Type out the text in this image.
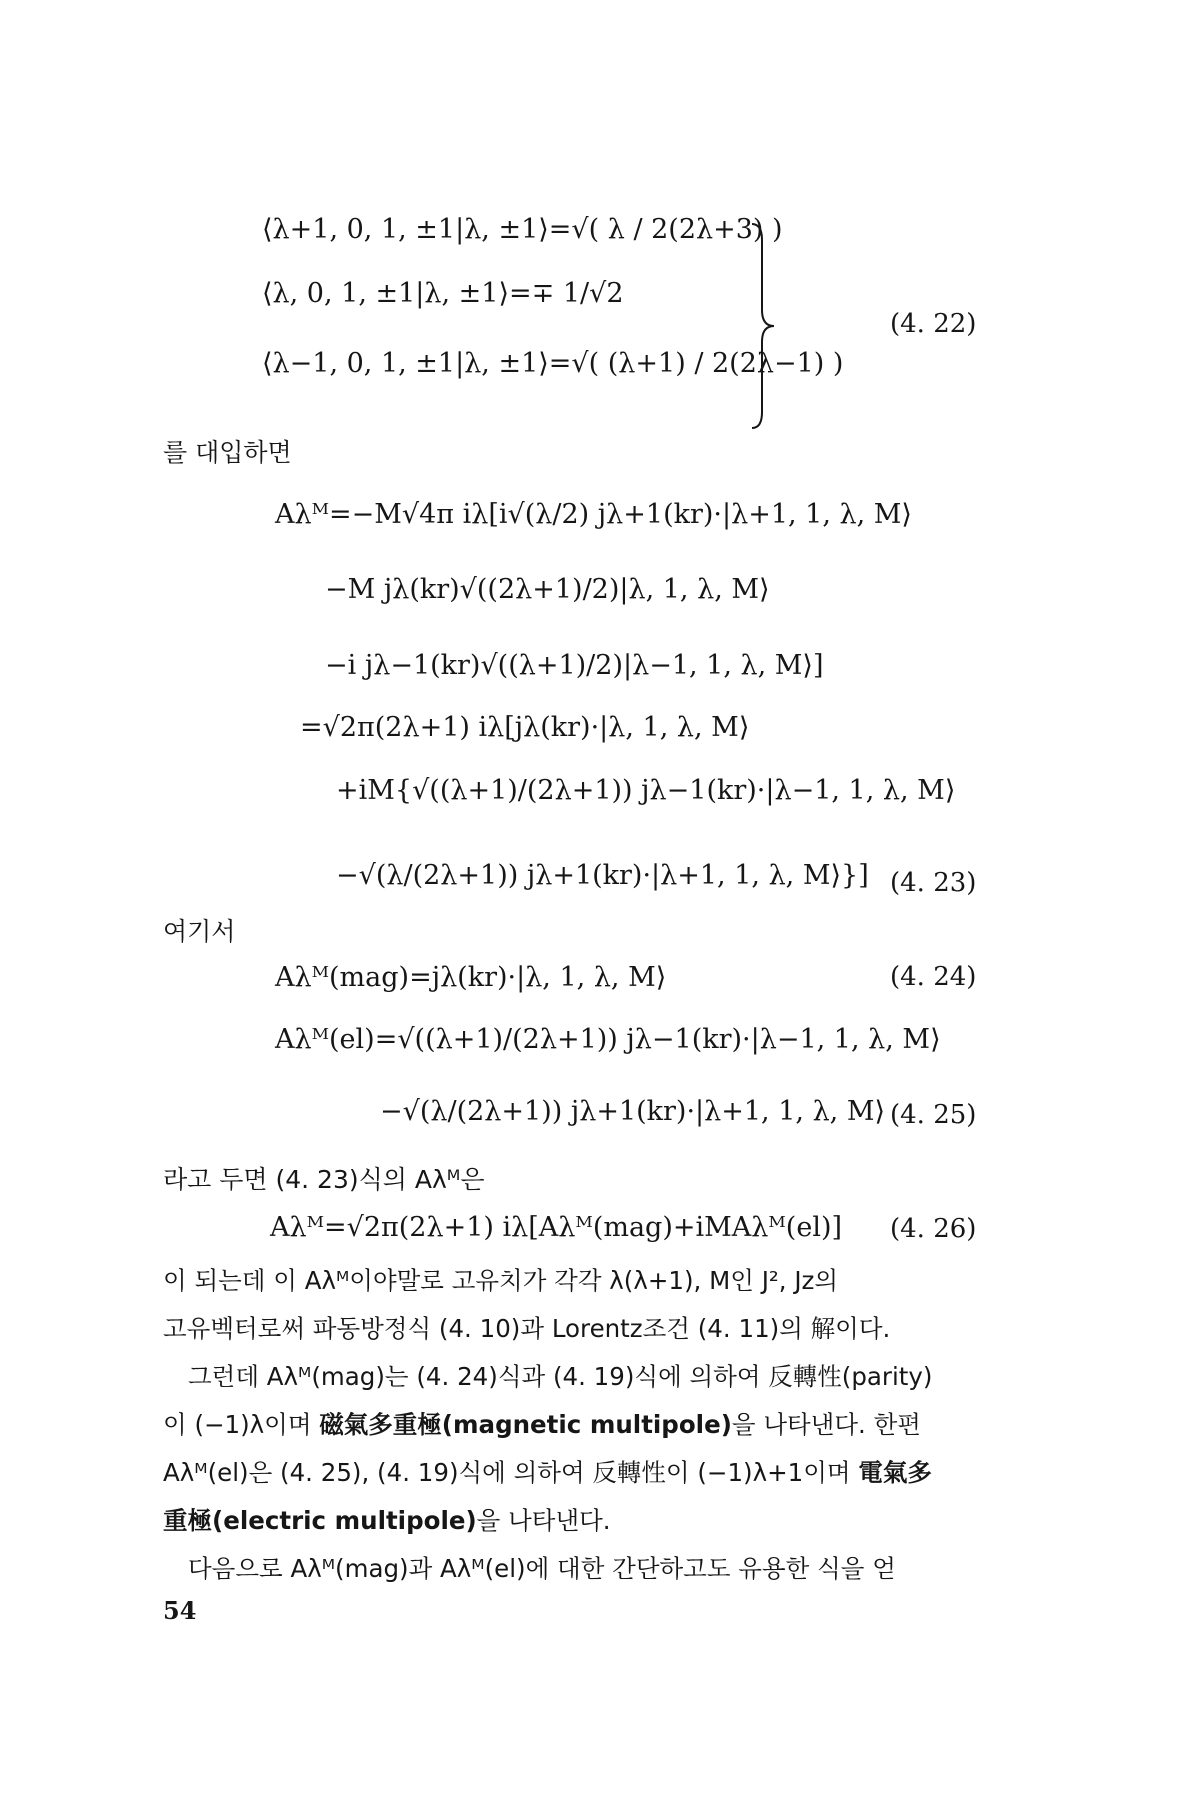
⟨λ+1, 0, 1, ±1|λ, ±1⟩=√( λ / 2(2λ+3) )
⟨λ, 0, 1, ±1|λ, ±1⟩=∓ 1/√2
⟨λ−1, 0, 1, ±1|λ, ±1⟩=√( (λ+1) / 2(2λ−1) )
(4. 22)
를 대입하면
Aλᴹ=−M√4π iλ[i√(λ/2) jλ+1(kr)·|λ+1, 1, λ, M⟩
−M jλ(kr)√((2λ+1)/2)|λ, 1, λ, M⟩
−i jλ−1(kr)√((λ+1)/2)|λ−1, 1, λ, M⟩]
=√2π(2λ+1) iλ[jλ(kr)·|λ, 1, λ, M⟩
+iM{√((λ+1)/(2λ+1)) jλ−1(kr)·|λ−1, 1, λ, M⟩
−√(λ/(2λ+1)) jλ+1(kr)·|λ+1, 1, λ, M⟩}] (4. 23)
여기서
Aλᴹ(mag)=jλ(kr)·|λ, 1, λ, M⟩	(4. 24)
Aλᴹ(el)=√((λ+1)/(2λ+1)) jλ−1(kr)·|λ−1, 1, λ, M⟩
−√(λ/(2λ+1)) jλ+1(kr)·|λ+1, 1, λ, M⟩ (4. 25)
라고 두면 (4. 23)식의 Aλᴹ은
Aλᴹ=√2π(2λ+1) iλ[Aλᴹ(mag)+iMAλᴹ(el)] (4. 26)
이 되는데 이 Aλᴹ이야말로 고유치가 각각 λ(λ+1), M인 J², Jz의
고유벡터로써 파동방정식 (4. 10)과 Lorentz조건 (4. 11)의 解이다.
그런데 Aλᴹ(mag)는 (4. 24)식과 (4. 19)식에 의하여 反轉性(parity)
이 (−1)λ이며 磁氣多重極(magnetic multipole)을 나타낸다. 한편
Aλᴹ(el)은 (4. 25), (4. 19)식에 의하여 反轉性이 (−1)λ+1이며 電氣多
重極(electric multipole)을 나타낸다.
다음으로 Aλᴹ(mag)과 Aλᴹ(el)에 대한 간단하고도 유용한 식을 얻
54
